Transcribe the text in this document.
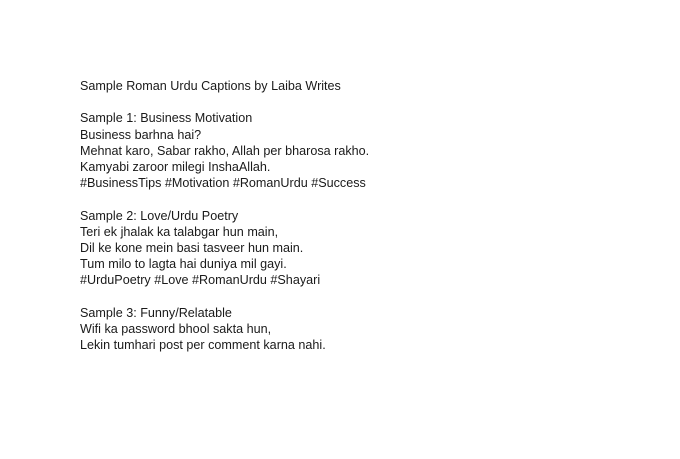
Sample Roman Urdu Captions by Laiba Writes
Sample 1: Business Motivation
Business barhna hai?
Mehnat karo, Sabar rakho, Allah per bharosa rakho.
Kamyabi zaroor milegi InshaAllah.
#BusinessTips #Motivation #RomanUrdu #Success
Sample 2: Love/Urdu Poetry
Teri ek jhalak ka talabgar hun main,
Dil ke kone mein basi tasveer hun main.
Tum milo to lagta hai duniya mil gayi.
#UrduPoetry #Love #RomanUrdu #Shayari
Sample 3: Funny/Relatable
Wifi ka password bhool sakta hun,
Lekin tumhari post per comment karna nahi.
